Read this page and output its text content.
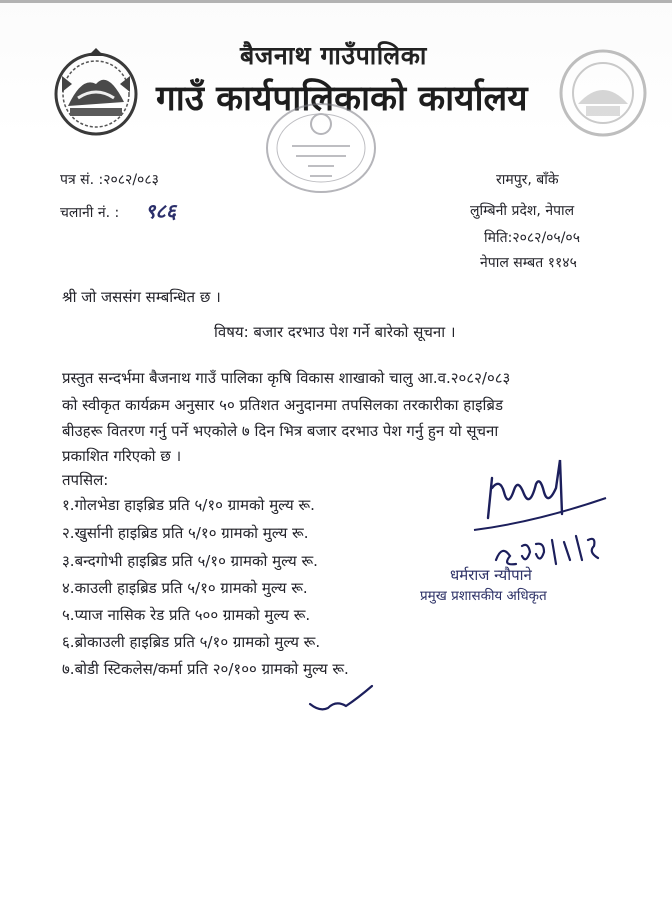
बैजनाथ गाउँपालिका
गाउँ कार्यपालिकाको कार्यालय
पत्र सं. :२०८२/०८३
चलानी नं. : ९८६
रामपुर, बाँके
लुम्बिनी प्रदेश, नेपाल
मिति:२०८२/०५/०५
नेपाल सम्बत ११४५
श्री जो जससंग सम्बन्धित छ ।
विषय: बजार दरभाउ पेश गर्ने बारेको सूचना ।
प्रस्तुत सन्दर्भमा बैजनाथ गाउँ पालिका कृषि विकास शाखाको चालु आ.व.२०८२/०८३
को स्वीकृत कार्यक्रम अनुसार ५० प्रतिशत अनुदानमा तपसिलका तरकारीका हाइब्रिड
बीउहरू वितरण गर्नु पर्ने भएकोले ७ दिन भित्र बजार दरभाउ पेश गर्नु हुन यो सूचना
प्रकाशित गरिएको छ ।
तपसिल:
१.गोलभेडा हाइब्रिड प्रति ५/१० ग्रामको मुल्य रू.
२.खुर्सानी हाइब्रिड प्रति ५/१० ग्रामको मुल्य रू.
३.बन्दगोभी हाइब्रिड प्रति ५/१० ग्रामको मुल्य रू.
४.काउली हाइब्रिड प्रति ५/१० ग्रामको मुल्य रू.
५.प्याज नासिक रेड प्रति ५०० ग्रामको मुल्य रू.
६.ब्रोकाउली हाइब्रिड प्रति ५/१० ग्रामको मुल्य रू.
७.बोडी स्टिकलेस/कर्मा प्रति २०/१०० ग्रामको मुल्य रू.
धर्मराज न्यौपाने
प्रमुख प्रशासकीय अधिकृत
